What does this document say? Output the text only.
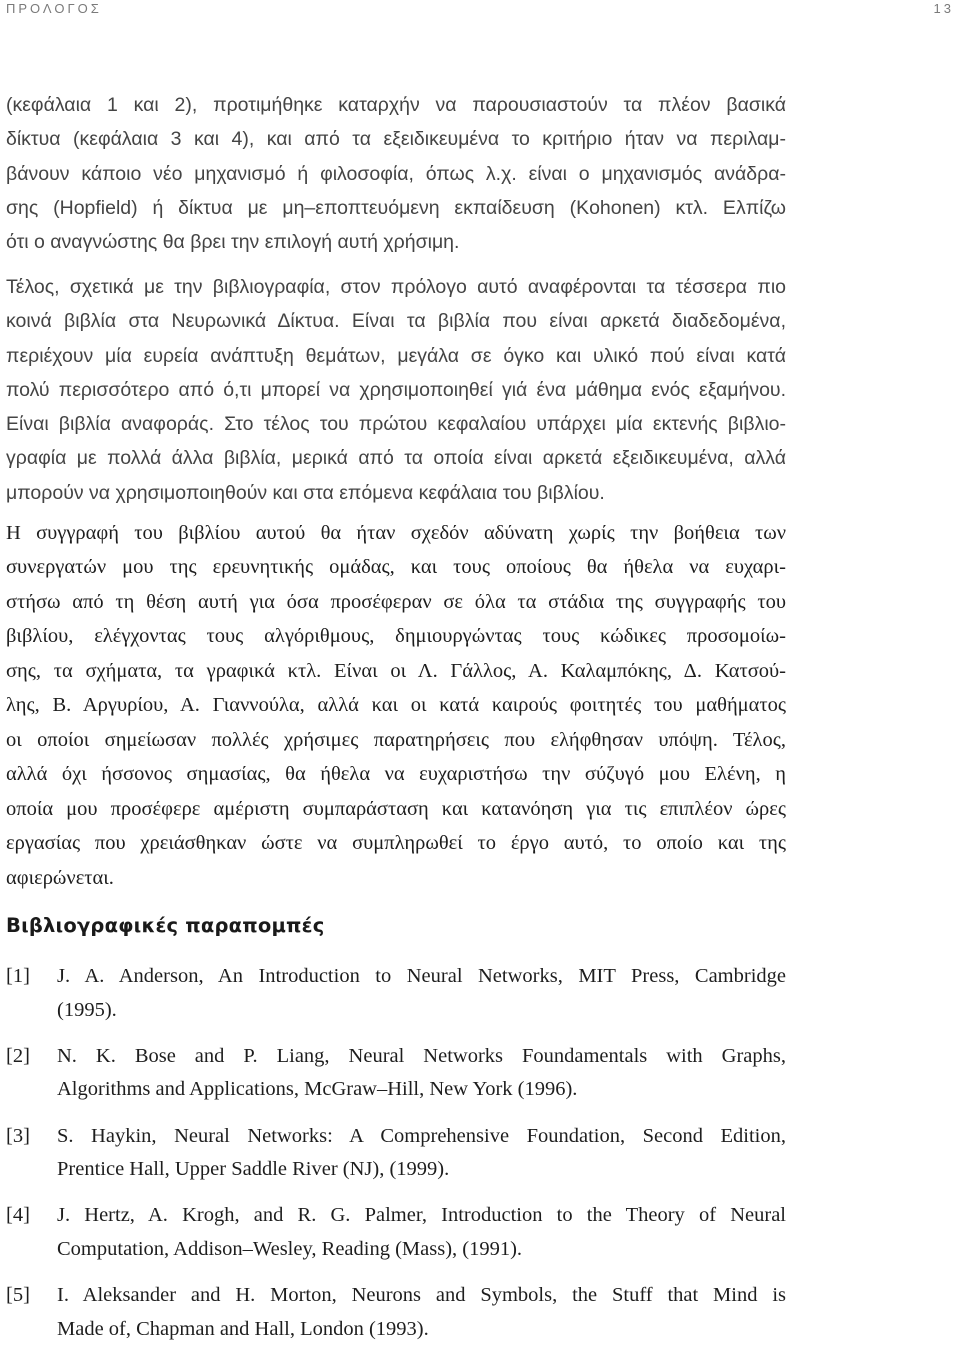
ΠΡΟΛΟΓΟΣ	13
(κεφάλαια 1 και 2), προτιμήθηκε καταρχήν να παρουσιαστούν τα πλέον βασικά
δίκτυα (κεφάλαια 3 και 4), και από τα εξειδικευμένα το κριτήριο ήταν να περιλαμ-
βάνουν κάποιο νέο μηχανισμό ή φιλοσοφία, όπως λ.χ. είναι ο μηχανισμός ανάδρα-
σης (Hopfield) ή δίκτυα με μη–εποπτευόμενη εκπαίδευση (Kohonen) κτλ. Ελπίζω
ότι ο αναγνώστης θα βρει την επιλογή αυτή χρήσιμη.
Τέλος, σχετικά με την βιβλιογραφία, στον πρόλογο αυτό αναφέρονται τα τέσσερα πιο
κοινά βιβλία στα Νευρωνικά Δίκτυα. Είναι τα βιβλία που είναι αρκετά διαδεδομένα,
περιέχουν μία ευρεία ανάπτυξη θεμάτων, μεγάλα σε όγκο και υλικό πού είναι κατά
πολύ περισσότερο από ό,τι μπορεί να χρησιμοποιηθεί γιά ένα μάθημα ενός εξαμήνου.
Είναι βιβλία αναφοράς. Στο τέλος του πρώτου κεφαλαίου υπάρχει μία εκτενής βιβλιο-
γραφία με πολλά άλλα βιβλία, μερικά από τα οποία είναι αρκετά εξειδικευμένα, αλλά
μπορούν να χρησιμοποιηθούν και στα επόμενα κεφάλαια του βιβλίου.
Η συγγραφή του βιβλίου αυτού θα ήταν σχεδόν αδύνατη χωρίς την βοήθεια των
συνεργατών μου της ερευνητικής ομάδας, και τους οποίους θα ήθελα να ευχαρι-
στήσω από τη θέση αυτή για όσα προσέφεραν σε όλα τα στάδια της συγγραφής του
βιβλίου, ελέγχοντας τους αλγόριθμους, δημιουργώντας τους κώδικες προσομοίω-
σης, τα σχήματα, τα γραφικά κτλ. Είναι οι Λ. Γάλλος, Α. Καλαμπόκης, Δ. Κατσού-
λης, Β. Αργυρίου, Α. Γιαννούλα, αλλά και οι κατά καιρούς φοιτητές του μαθήματος
οι οποίοι σημείωσαν πολλές χρήσιμες παρατηρήσεις που ελήφθησαν υπόψη. Τέλος,
αλλά όχι ήσσονος σημασίας, θα ήθελα να ευχαριστήσω την σύζυγό μου Ελένη, η
οποία μου προσέφερε αμέριστη συμπαράσταση και κατανόηση για τις επιπλέον ώρες
εργασίας που χρειάσθηκαν ώστε να συμπληρωθεί το έργο αυτό, το οποίο και της
αφιερώνεται.
Βιβλιογραφικές παραπομπές
[1] J. A. Anderson, An Introduction to Neural Networks, MIT Press, Cambridge
(1995).
[2] N. K. Bose and P. Liang, Neural Networks Foundamentals with Graphs,
Algorithms and Applications, McGraw–Hill, New York (1996).
[3] S. Haykin, Neural Networks: A Comprehensive Foundation, Second Edition,
Prentice Hall, Upper Saddle River (NJ), (1999).
[4] J. Hertz, A. Krogh, and R. G. Palmer, Introduction to the Theory of Neural
Computation, Addison–Wesley, Reading (Mass), (1991).
[5] I. Aleksander and H. Morton, Neurons and Symbols, the Stuff that Mind is
Made of, Chapman and Hall, London (1993).
